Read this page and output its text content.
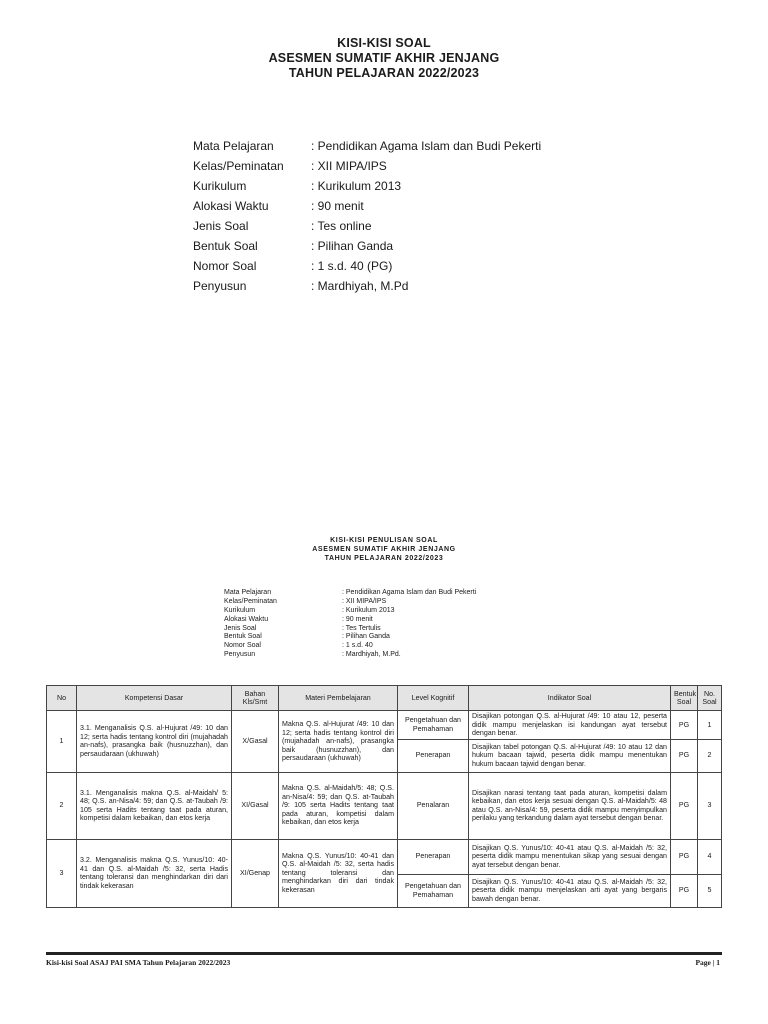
KISI-KISI SOAL
ASESMEN SUMATIF AKHIR JENJANG
TAHUN PELAJARAN 2022/2023
Mata Pelajaran	: Pendidikan Agama Islam dan Budi Pekerti
Kelas/Peminatan	: XII MIPA/IPS
Kurikulum	: Kurikulum 2013
Alokasi Waktu	: 90 menit
Jenis Soal	: Tes online
Bentuk Soal	: Pilihan Ganda
Nomor Soal	: 1 s.d. 40 (PG)
Penyusun	: Mardhiyah, M.Pd
KISI-KISI PENULISAN SOAL
ASESMEN SUMATIF AKHIR JENJANG
TAHUN PELAJARAN 2022/2023
Mata Pelajaran	: Pendidikan Agama Islam dan Budi Pekerti
Kelas/Peminatan	: XII MIPA/IPS
Kurikulum	: Kurikulum 2013
Alokasi Waktu	: 90 menit
Jenis Soal	: Tes Tertulis
Bentuk Soal	: Pilihan Ganda
Nomor Soal	: 1 s.d. 40
Penyusun	: Mardhiyah, M.Pd.
No	Kompetensi Dasar	Bahan Kls/Smt	Materi Pembelajaran	Level Kognitif	Indikator Soal	Bentuk Soal	No. Soal
1	3.1. Menganalisis Q.S. al-Hujurat /49: 10 dan 12; serta hadis tentang kontrol diri (mujahadah an-nafs), prasangka baik (husnuzzhan), dan persaudaraan (ukhuwah)	X/Gasal	Makna Q.S. al-Hujurat /49: 10 dan 12; serta hadis tentang kontrol diri (mujahadah an-nafs), prasangka baik (husnuzzhan), dan persaudaraan (ukhuwah)	Pengetahuan dan Pemahaman	Disajikan potongan Q.S. al-Hujurat /49: 10 atau 12, peserta didik mampu menjelaskan isi kandungan ayat tersebut dengan benar.	PG	1
				Penerapan	Disajikan tabel potongan Q.S. al-Hujurat /49: 10 atau 12 dan hukum bacaan tajwid, peserta didik mampu menentukan hukum bacaan tajwid dengan benar.	PG	2
2	3.1. Menganalisis makna Q.S. al-Maidah/ 5: 48; Q.S. an-Nisa/4: 59; dan Q.S. at-Taubah /9: 105 serta Hadits tentang taat pada aturan, kompetisi dalam kebaikan, dan etos kerja	XI/Gasal	Makna Q.S. al-Maidah/5: 48; Q.S. an-Nisa/4: 59; dan Q.S. at-Taubah /9: 105 serta Hadits tentang taat pada aturan, kompetisi dalam kebaikan, dan etos kerja	Penalaran	Disajikan narasi tentang taat pada aturan, kompetisi dalam kebaikan, dan etos kerja sesuai dengan Q.S. al-Maidah/5: 48 atau Q.S. an-Nisa/4: 59, peserta didik mampu menyimpulkan perilaku yang terkandung dalam ayat tersebut dengan benar.	PG	3
3	3.2. Menganalisis makna Q.S. Yunus/10: 40-41 dan Q.S. al-Maidah /5: 32, serta Hadis tentang toleransi dan menghindarkan diri dari tindak kekerasan	XI/Genap	Makna Q.S. Yunus/10: 40-41 dan Q.S. al-Maidah /5: 32, serta hadis tentang toleransi dan menghindarkan diri dari tindak kekerasan	Penerapan	Disajikan Q.S. Yunus/10: 40-41 atau Q.S. al-Maidah /5: 32, peserta didik mampu menentukan sikap yang sesuai dengan ayat tersebut dengan benar.	PG	4
				Pengetahuan dan Pemahaman	Disajikan Q.S. Yunus/10: 40-41 atau Q.S. al-Maidah /5: 32, peserta didik mampu menjelaskan arti ayat yang bergaris bawah dengan benar.	PG	5
Kisi-kisi Soal ASAJ PAI SMA Tahun Pelajaran 2022/2023	Page | 1
